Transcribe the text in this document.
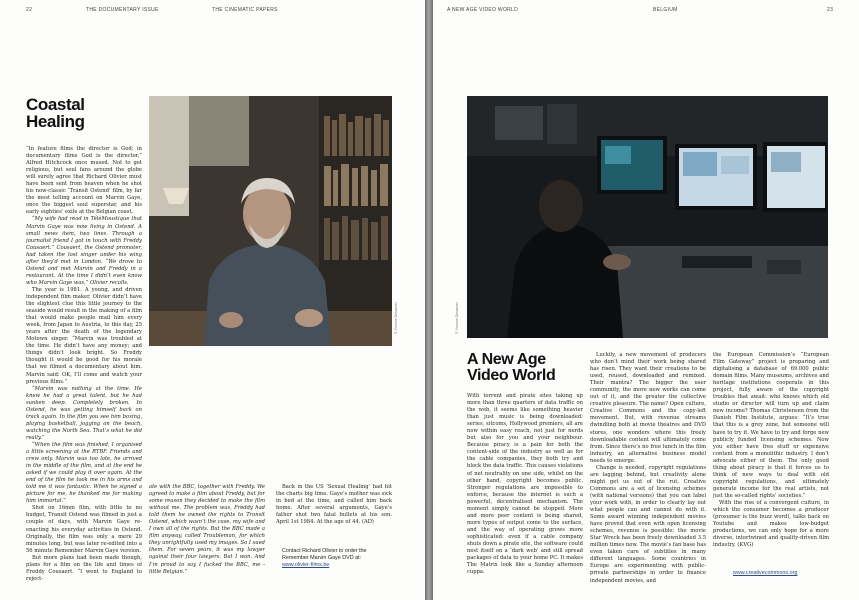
22	THE DOCUMENTARY ISSUE	THE CINEMATIC PAPERS
Coastal
Healing
© Yvonne Desaever

“In feature films the director is God; in documentary films God is the director,” Alfred Hitchcock once mused. Not to get religious, but soul fans around the globe will surely agree that Richard Olivier must have been sent from heaven when he shot his now-classic ‘Transit Ostend’ film, by far the most telling account on Marvin Gaye, once the biggest soul superstar, and his early eighties’ exile at the Belgian coast.

“My wife had read in TéléMoustique that Marvin Gaye was now living in Ostend. A small news item, two lines. Through a journalist friend I got in touch with Freddy Cousaert.” Cousaert, the Ostend promoter, had taken the lost singer under his wing after they’d met in London. “We drove to Ostend and met Marvin and Freddy in a restaurant. At the time I didn’t even know who Marvin Gaye was,” Olivier recalls.

The year is 1981. A young, and driven independent film maker, Olivier didn’t have the slightest clue this little journey to the seaside would result in the making of a film that would make people mail him every week, from Japan to Austria, to this day, 25 years after the death of the legendary Motown singer. “Marvin was troubled at the time. He didn’t have any money; and things didn’t look bright. So Freddy thought it would be good for his morale that we filmed a documentary about him. Marvin said: OK, I’ll come and watch your previous films.”

“Marvin was nothing at the time. He knew he had a great talent, but he had sunken deep. Completely broken. In Ostend, he was getting himself back on track again. In the film you see him boxing, playing basketball, jogging on the beach, watching the North Sea. That’s what he did really.”

“When the film was finished, I organised a little screening at the RTBF. Friends and crew only. Marvin was too late, he arrived in the middle of the film, and at the end he asked if we could play it over again. At the end of the film he took me in his arms and told me it was fantastic. When he signed a picture for me, he thanked me for making him immortal.”

Shot on 16mm film, with little to no budget, Transit Ostend was filmed in just a couple of days, with Marvin Gaye re-enacting his everyday activities in Ostend. Originally, the film was only a mere 29 minutes long, but was later re-edited into a 56 minute Remember Marvin Gaye version.

But more plans had been made though, plans for a film on the life and times of Freddy Cousaert. “I went to England to reject-

ate with the BBC, together with Freddy. We agreed to make a film about Freddy, but for some reason they decided to make the film without me. The problem was, Freddy had told them he owned the rights to Transit Ostend, which wasn’t the case, my wife and I own all of the rights. But the BBC made a film anyway, called Troubleman, for which they unrightfully used my images. So I sued them. For seven years, it was my lawyer against their four lawyers. But I won. And I’m proud to say I fucked the BBC, me - little Belgian.”

Back in the US ‘Sexual Healing’ had hit the charts big time. Gaye’s mother was sick in bed at the time, and called him back home. After several arguments, Gaye’s father shot two fatal bullets at his son. April 1st 1984. At the age of 44. (AD)

Contact Richard Olivier to order the Remember Marvin Gaye DVD at:
www.olivier-films.be
A NEW AGE VIDEO WORLD	BELGIUM	23
© Yvonne Desaever
A New Age
Video World

With torrent and pirate sites taking up more than three quarters of data traffic on the web, it seems like something heavier than just music is being downloaded: series, sitcoms, Hollywood premiers, all are now within easy reach, not just for nerds but also for you and your neighbour. Because piracy is a pain for both the content-side of the industry as well as for the cable companies, they both try and block the data traffic. This causes violations of net neutrality on one side, whilst on the other hand, copyright becomes public. Stronger regulations are impossible to enforce, because the internet is such a powerful, decentralised mechanism. The moment simply cannot be stopped. More and more peer content is being shared, more types of output come to the surface, and the way of operating grows more sophisticated: even if a cable company shuts down a pirate site, the software could nest itself on a ‘dark web’ and still spread packages of data to your home PC. It makes The Matrix look like a Sunday afternoon cuppa.

Luckily, a new movement of producers who don’t mind their work being shared has risen. They want their creations to be used, reused, downloaded and remixed. Their mantra? The bigger the user community, the more new works can come out of it, and the greater the collective creative pleasure. The name? Open culture, Creative Commons and the copy-left movement. But, with revenue streams dwindling both at movie theatres and DVD stores, one wonders where this freely downloadable content will ultimately come from. Since there’s no free lunch in the film industry, an alternative business model needs to emerge.

Change is needed, copyright regulations are lagging behind, but creativity alone might get us out of the rut. Creative Commons are a set of licensing schemes (with national versions) that you can label your work with, in order to clearly lay out what people can and cannot do with it. Some award winning independent movies have proved that even with open licensing schemes, revenue is possible: the movie Star Wreck has been freely downloaded 3.5 million times now. The movie’s fan base has even taken care of subtitles in many different languages. Some countries in Europe are experimenting with public-private partnerships in order to finance independent movies, and

the European Commission’s “European Film Gateway” project is preparing and digitalising a database of 69.000 public domain films. Many museums, archives and heritage institutions cooperate in this project, fully aware of the copyright troubles that await: who knows which old studio or director will turn up and claim new income? Thomas Christensen from the Danish Film Institute, argues: “It’s true that this is a grey zone, but someone will have to try it. We have to try and forge new publicly funded licensing schemes. Now you either have free stuff or expensive content from a monolithic industry. I don’t advocate either of them. The only good thing about piracy is that it forces us to think of new ways to deal with old copyright regulations, and ultimately generate income for the real artists, not just the so-called rights’ societies.”

With the rise of a convergent culture, in which the consumer becomes a producer (prosumer is the buzz word), talks back on Youtube and makes low-budget productions, we can only hope for a more diverse, intertwined and quality-driven film industry. (KVG)

www.creativecommons.org
